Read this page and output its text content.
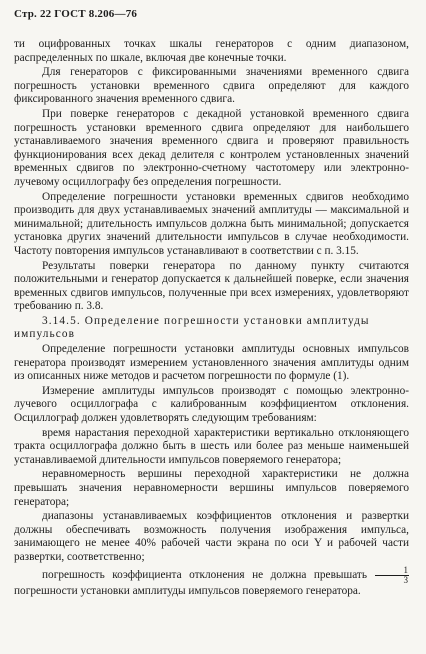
Стр. 22 ГОСТ 8.206—76

ти оцифрованных точках шкалы генераторов с одним диапазоном, распределенных по шкале, включая две конечные точки.

Для генераторов с фиксированными значениями временного сдвига погрешность установки временного сдвига определяют для каждого фиксированного значения временного сдвига.

При поверке генераторов с декадной установкой временного сдвига погрешность установки временного сдвига определяют для наибольшего устанавливаемого значения временного сдвига и проверяют правильность функционирования всех декад делителя с контролем установленных значений временных сдвигов по электронно-счетному частотомеру или электронно-лучевому осциллографу без определения погрешности.

Определение погрешности установки временных сдвигов необходимо производить для двух устанавливаемых значений амплитуды — максимальной и минимальной; длительность импульсов должна быть минимальной; допускается установка других значений длительности импульсов в случае необходимости. Частоту повторения импульсов устанавливают в соответствии с п. 3.15.

Результаты поверки генератора по данному пункту считаются положительными и генератор допускается к дальнейшей поверке, если значения временных сдвигов импульсов, полученные при всех измерениях, удовлетворяют требованию п. 3.8.

3.14.5. Определение погрешности установки амплитуды импульсов

Определение погрешности установки амплитуды основных импульсов генератора производят измерением установленного значения амплитуды одним из описанных ниже методов и расчетом погрешности по формуле (1).

Измерение амплитуды импульсов производят с помощью электронно-лучевого осциллографа с калиброванным коэффициентом отклонения. Осциллограф должен удовлетворять следующим требованиям:

время нарастания переходной характеристики вертикально отклоняющего тракта осциллографа должно быть в шесть или более раз меньше наименьшей устанавливаемой длительности импульсов поверяемого генератора;

неравномерность вершины переходной характеристики не должна превышать значения неравномерности вершины импульсов поверяемого генератора;

диапазоны устанавливаемых коэффициентов отклонения и развертки должны обеспечивать возможность получения изображения импульса, занимающего не менее 40% рабочей части экрана по оси Y и рабочей части развертки, соответственно;

погрешность коэффициента отклонения не должна превышать $\frac{1}{3}$
погрешности установки амплитуды импульсов поверяемого генератора.
